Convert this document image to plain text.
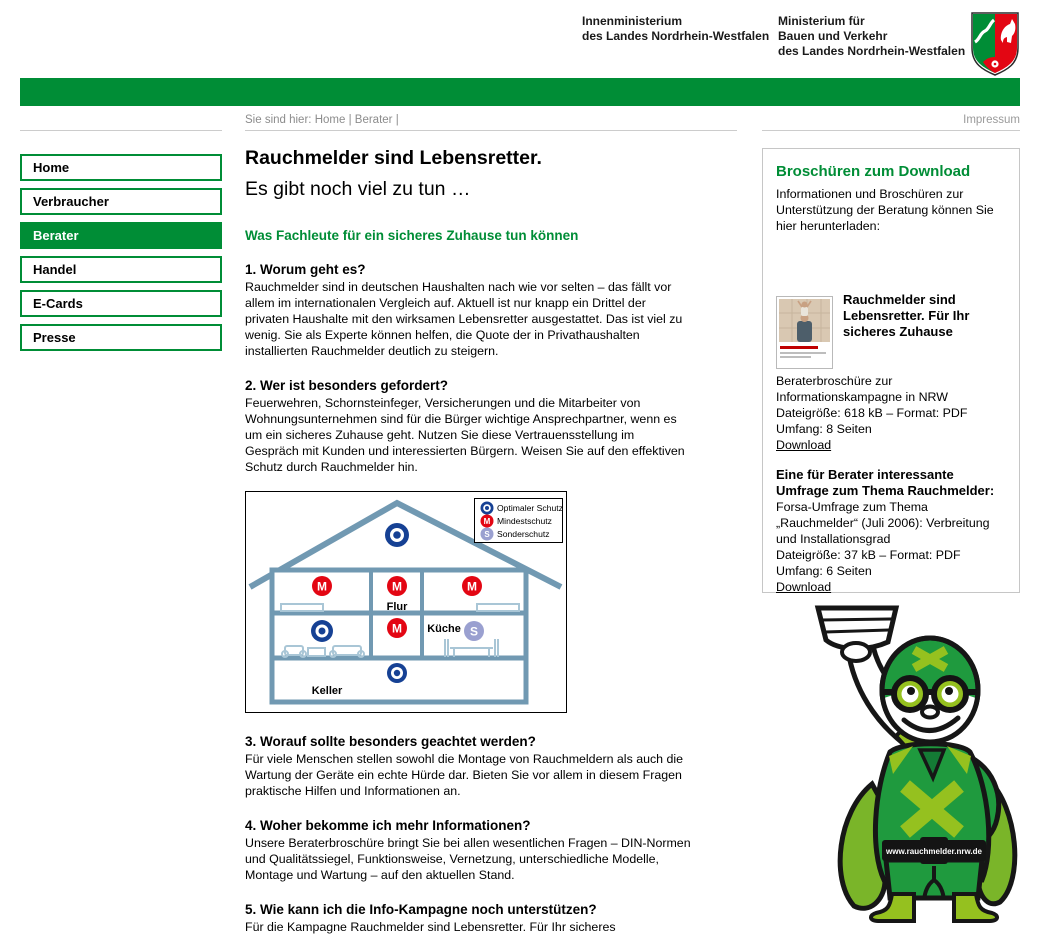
Innenministerium
des Landes Nordrhein-Westfalen
Ministerium für
Bauen und Verkehr
des Landes Nordrhein-Westfalen
Sie sind hier: Home | Berater |	Impressum
Home
Verbraucher
Berater
Handel
E-Cards
Presse
Rauchmelder sind Lebensretter.
Es gibt noch viel zu tun …
Was Fachleute für ein sicheres Zuhause tun können
1. Worum geht es?
Rauchmelder sind in deutschen Haushalten nach wie vor selten – das fällt vor allem im internationalen Vergleich auf. Aktuell ist nur knapp ein Drittel der privaten Haushalte mit den wirksamen Lebensretter ausgestattet. Das ist viel zu wenig. Sie als Experte können helfen, die Quote der in Privathaushalten installierten Rauchmelder deutlich zu steigern.
2. Wer ist besonders gefordert?
Feuerwehren, Schornsteinfeger, Versicherungen und die Mitarbeiter von Wohnungsunternehmen sind für die Bürger wichtige Ansprechpartner, wenn es um ein sicheres Zuhause geht. Nutzen Sie diese Vertrauensstellung im Gespräch mit Kunden und interessierten Bürgern. Weisen Sie auf den effektiven Schutz durch Rauchmelder hin.
M	M	M
Flur
M Küche S
Keller
Optimaler Schutz
M Mindestschutz
S Sonderschutz
3. Worauf sollte besonders geachtet werden?
Für viele Menschen stellen sowohl die Montage von Rauchmeldern als auch die Wartung der Geräte ein echte Hürde dar. Bieten Sie vor allem in diesem Fragen praktische Hilfen und Informationen an.
4. Woher bekomme ich mehr Informationen?
Unsere Beraterbroschüre bringt Sie bei allen wesentlichen Fragen – DIN-Normen und Qualitätssiegel, Funktionsweise, Vernetzung, unterschiedliche Modelle, Montage und Wartung – auf den aktuellen Stand.
5. Wie kann ich die Info-Kampagne noch unterstützen?
Für die Kampagne Rauchmelder sind Lebensretter. Für Ihr sicheres
Broschüren zum Download
Informationen und Broschüren zur Unterstützung der Beratung können Sie hier herunterladen:
Rauchmelder sind Lebensretter. Für Ihr sicheres Zuhause
Beraterbroschüre zur Informationskampagne in NRW
Dateigröße: 618 kB – Format: PDF
Umfang: 8 Seiten
Download
Eine für Berater interessante Umfrage zum Thema Rauchmelder:
Forsa-Umfrage zum Thema „Rauchmelder“ (Juli 2006): Verbreitung und Installationsgrad
Dateigröße: 37 kB – Format: PDF
Umfang: 6 Seiten
Download
www.rauchmelder.nrw.de
